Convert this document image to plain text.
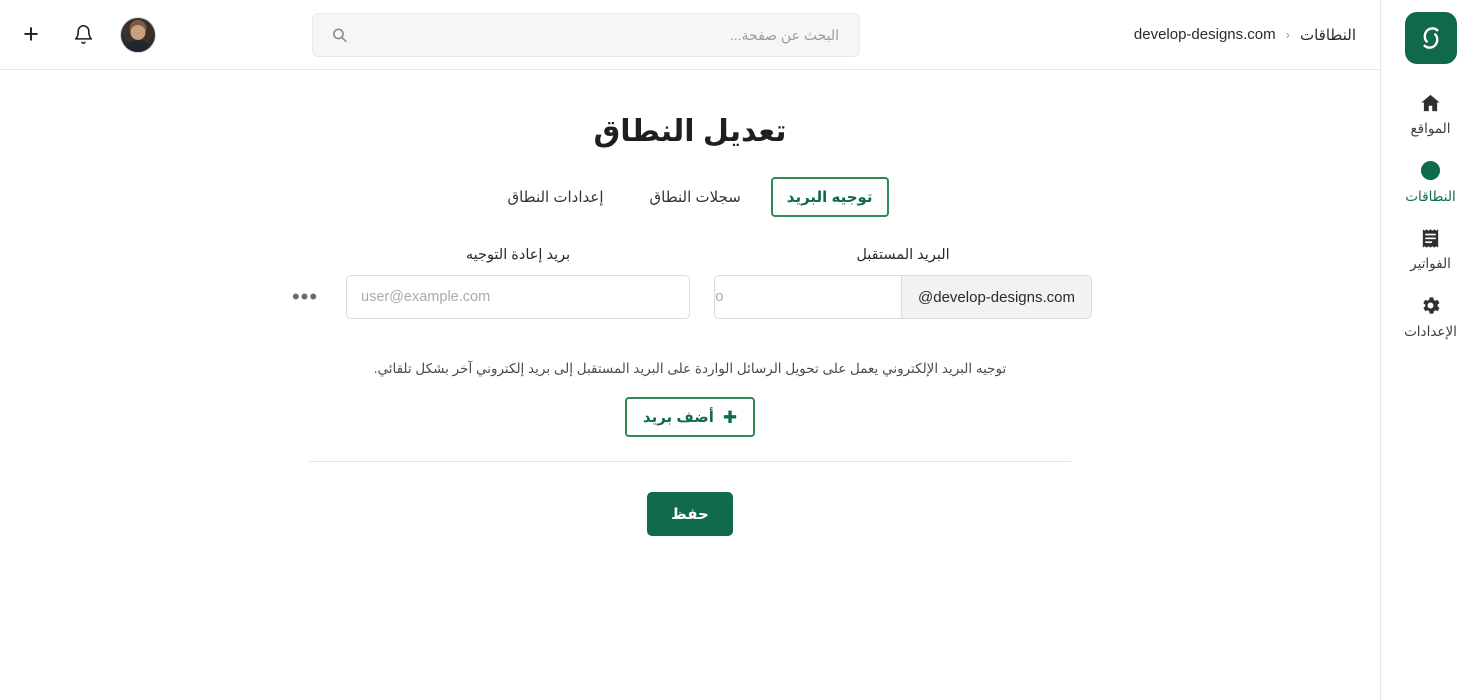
النطاقات
‹
develop-designs.com
البحث عن صفحة...
+
المواقع
النطاقات
الفواتير
الإعدادات
تعديل النطاق
توجيه البريد
سجلات النطاق
إعدادات النطاق
البريد المستقبل
@develop-designs.com
info
بريد إعادة التوجيه
user@example.com
•••
توجيه البريد الإلكتروني يعمل على تحويل الرسائل الواردة على البريد المستقبل إلى بريد إلكتروني آخر بشكل تلقائي.
✚
أضف بريد
حفظ
